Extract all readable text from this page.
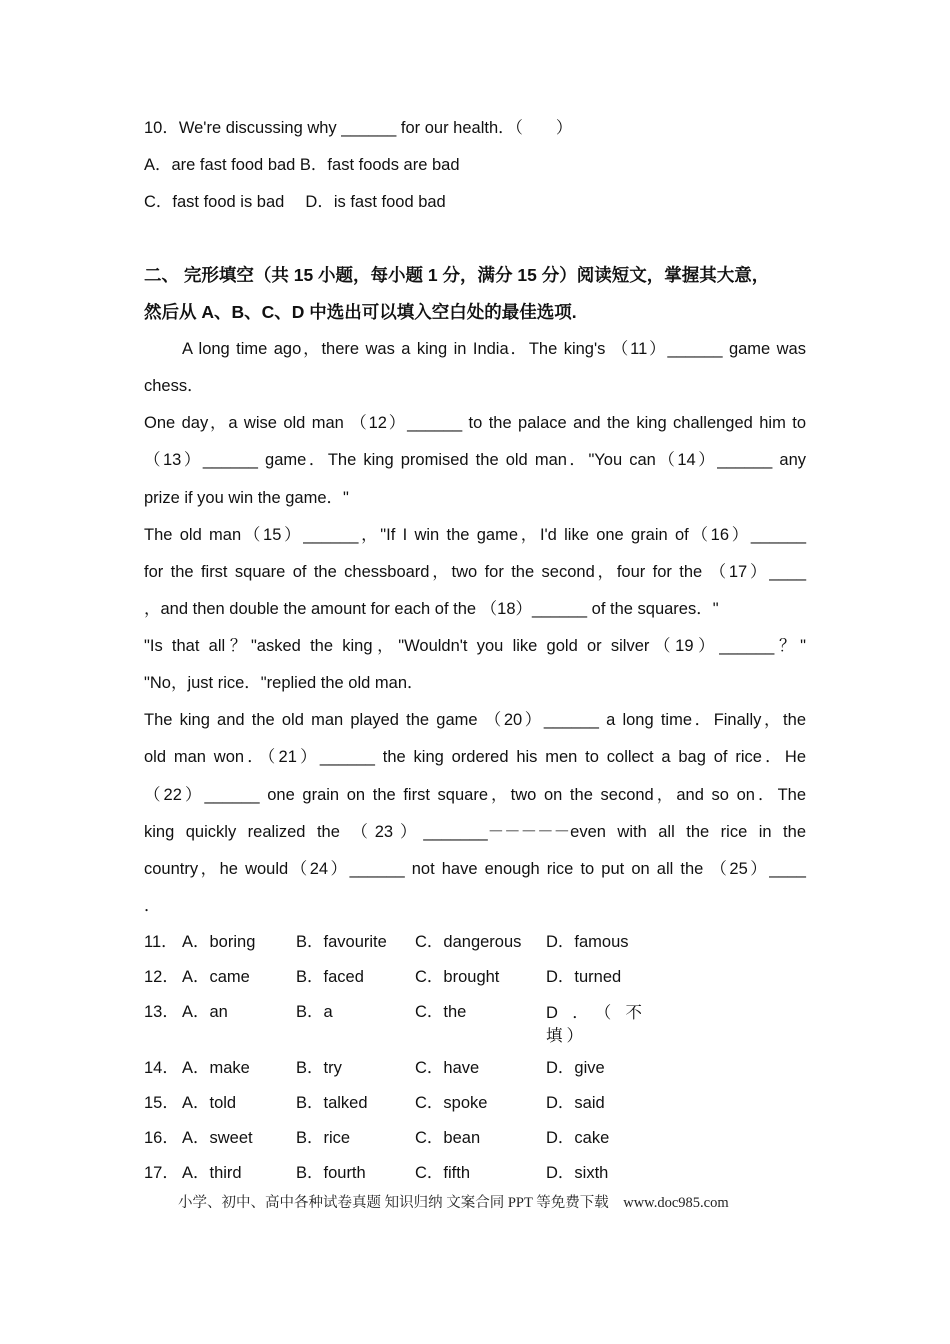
10．We're discussing why ______ for our health．（　　）
A．are fast food bad B．fast foods are bad
C．fast food is bad　 D．is fast food bad
二、 完形填空（共 15 小题，每小题 1 分，满分 15 分）阅读短文，掌握其大意，
然后从 A、B、C、D 中选出可以填入空白处的最佳选项.
A long time ago，there was a king in India．The king's （11）______ game was
chess．
One day，a wise old man （12）______ to the palace and the king challenged him to
（13）______ game．The king promised the old man．"You can（14）______ any
prize if you win the game．"
The old man（15）______，"If I win the game，I'd like one grain of（16）______
for the first square of the chessboard，two for the second，four for the （17）____
，and then double the amount for each of the （18）______ of the squares．"
"Is that all？"asked the king，"Wouldn't you like gold or silver（19）______？"
"No，just rice．"replied the old man．
The king and the old man played the game （20）______ a long time．Finally，the
old man won．（21）______ the king ordered his men to collect a bag of rice．He
（22）______ one grain on the first square，two on the second，and so on．The
king quickly realized the （23）_______－－－－－even with all the rice in the
country，he would（24）______ not have enough rice to put on all the （25）____
．
11． A．boring B．favourite C．dangerous D．famous
12． A．came	B．faced	C．brought	D．turned
13． A．an	B．a	C．the	D．（不填）
14． A．make	B．try	C．have	D．give
15． A．told	B．talked	C．spoke	D．said
16． A．sweet	B．rice	C．bean	D．cake
17． A．third	B．fourth	C．fifth	D．sixth
小学、初中、高中各种试卷真题 知识归纳 文案合同 PPT 等免费下载　www.doc985.com
